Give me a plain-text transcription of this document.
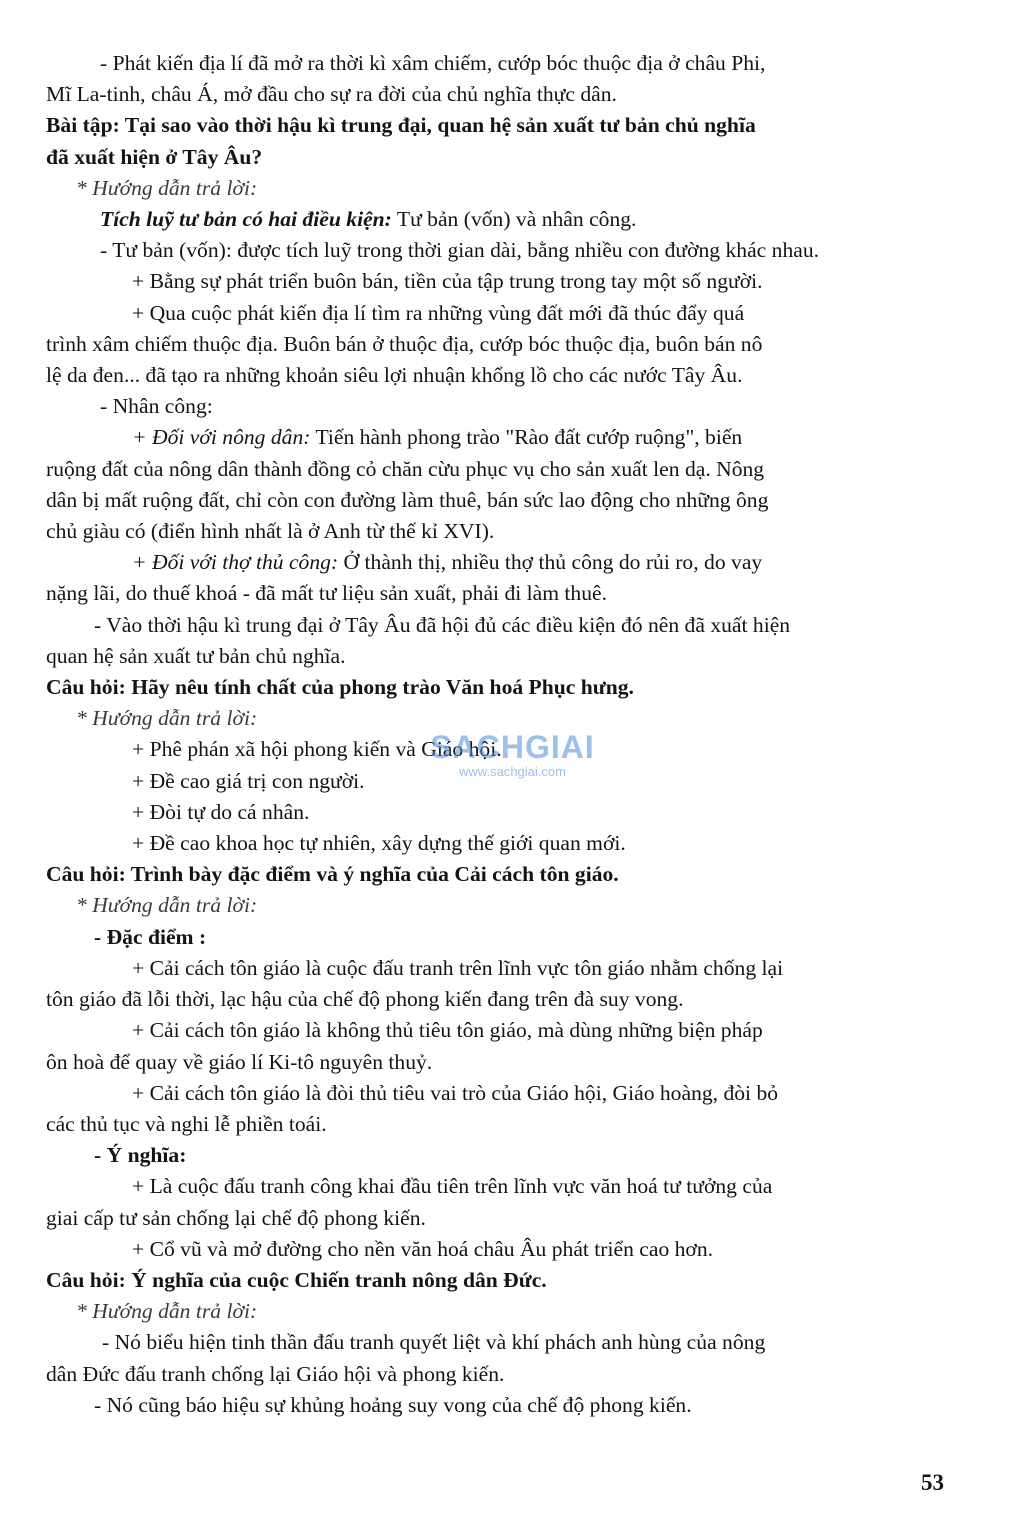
- Phát kiến địa lí đã mở ra thời kì xâm chiếm, cướp bóc thuộc địa ở châu Phi,
Mĩ La-tinh, châu Á, mở đầu cho sự ra đời của chủ nghĩa thực dân.
Bài tập: Tại sao vào thời hậu kì trung đại, quan hệ sản xuất tư bản chủ nghĩa
đã xuất hiện ở Tây Âu?
* Hướng dẫn trả lời:
Tích luỹ tư bản có hai điều kiện: Tư bản (vốn) và nhân công.
- Tư bản (vốn): được tích luỹ trong thời gian dài, bằng nhiều con đường khác nhau.
+ Bằng sự phát triển buôn bán, tiền của tập trung trong tay một số người.
+ Qua cuộc phát kiến địa lí tìm ra những vùng đất mới đã thúc đẩy quá
trình xâm chiếm thuộc địa. Buôn bán ở thuộc địa, cướp bóc thuộc địa, buôn bán nô
lệ da đen... đã tạo ra những khoản siêu lợi nhuận khổng lồ cho các nước Tây Âu.
- Nhân công:
+ Đối với nông dân: Tiến hành phong trào "Rào đất cướp ruộng", biến
ruộng đất của nông dân thành đồng cỏ chăn cừu phục vụ cho sản xuất len dạ. Nông
dân bị mất ruộng đất, chỉ còn con đường làm thuê, bán sức lao động cho những ông
chủ giàu có (điển hình nhất là ở Anh từ thế kỉ XVI).
+ Đối với thợ thủ công: Ở thành thị, nhiều thợ thủ công do rủi ro, do vay
nặng lãi, do thuế khoá - đã mất tư liệu sản xuất, phải đi làm thuê.
- Vào thời hậu kì trung đại ở Tây Âu đã hội đủ các điều kiện đó nên đã xuất hiện
quan hệ sản xuất tư bản chủ nghĩa.
Câu hỏi: Hãy nêu tính chất của phong trào Văn hoá Phục hưng.
* Hướng dẫn trả lời:
+ Phê phán xã hội phong kiến và Giáo hội.
+ Đề cao giá trị con người.
+ Đòi tự do cá nhân.
+ Đề cao khoa học tự nhiên, xây dựng thế giới quan mới.
Câu hỏi: Trình bày đặc điểm và ý nghĩa của Cải cách tôn giáo.
* Hướng dẫn trả lời:
- Đặc điểm :
+ Cải cách tôn giáo là cuộc đấu tranh trên lĩnh vực tôn giáo nhằm chống lại
tôn giáo đã lỗi thời, lạc hậu của chế độ phong kiến đang trên đà suy vong.
+ Cải cách tôn giáo là không thủ tiêu tôn giáo, mà dùng những biện pháp
ôn hoà để quay về giáo lí Ki-tô nguyên thuỷ.
+ Cải cách tôn giáo là đòi thủ tiêu vai trò của Giáo hội, Giáo hoàng, đòi bỏ
các thủ tục và nghi lễ phiền toái.
- Ý nghĩa:
+ Là cuộc đấu tranh công khai đầu tiên trên lĩnh vực văn hoá tư tưởng của
giai cấp tư sản chống lại chế độ phong kiến.
+ Cổ vũ và mở đường cho nền văn hoá châu Âu phát triển cao hơn.
Câu hỏi: Ý nghĩa của cuộc Chiến tranh nông dân Đức.
* Hướng dẫn trả lời:
- Nó biểu hiện tinh thần đấu tranh quyết liệt và khí phách anh hùng của nông
dân Đức đấu tranh chống lại Giáo hội và phong kiến.
- Nó cũng báo hiệu sự khủng hoảng suy vong của chế độ phong kiến.
SACHGIAI
www.sachgiai.com
53
